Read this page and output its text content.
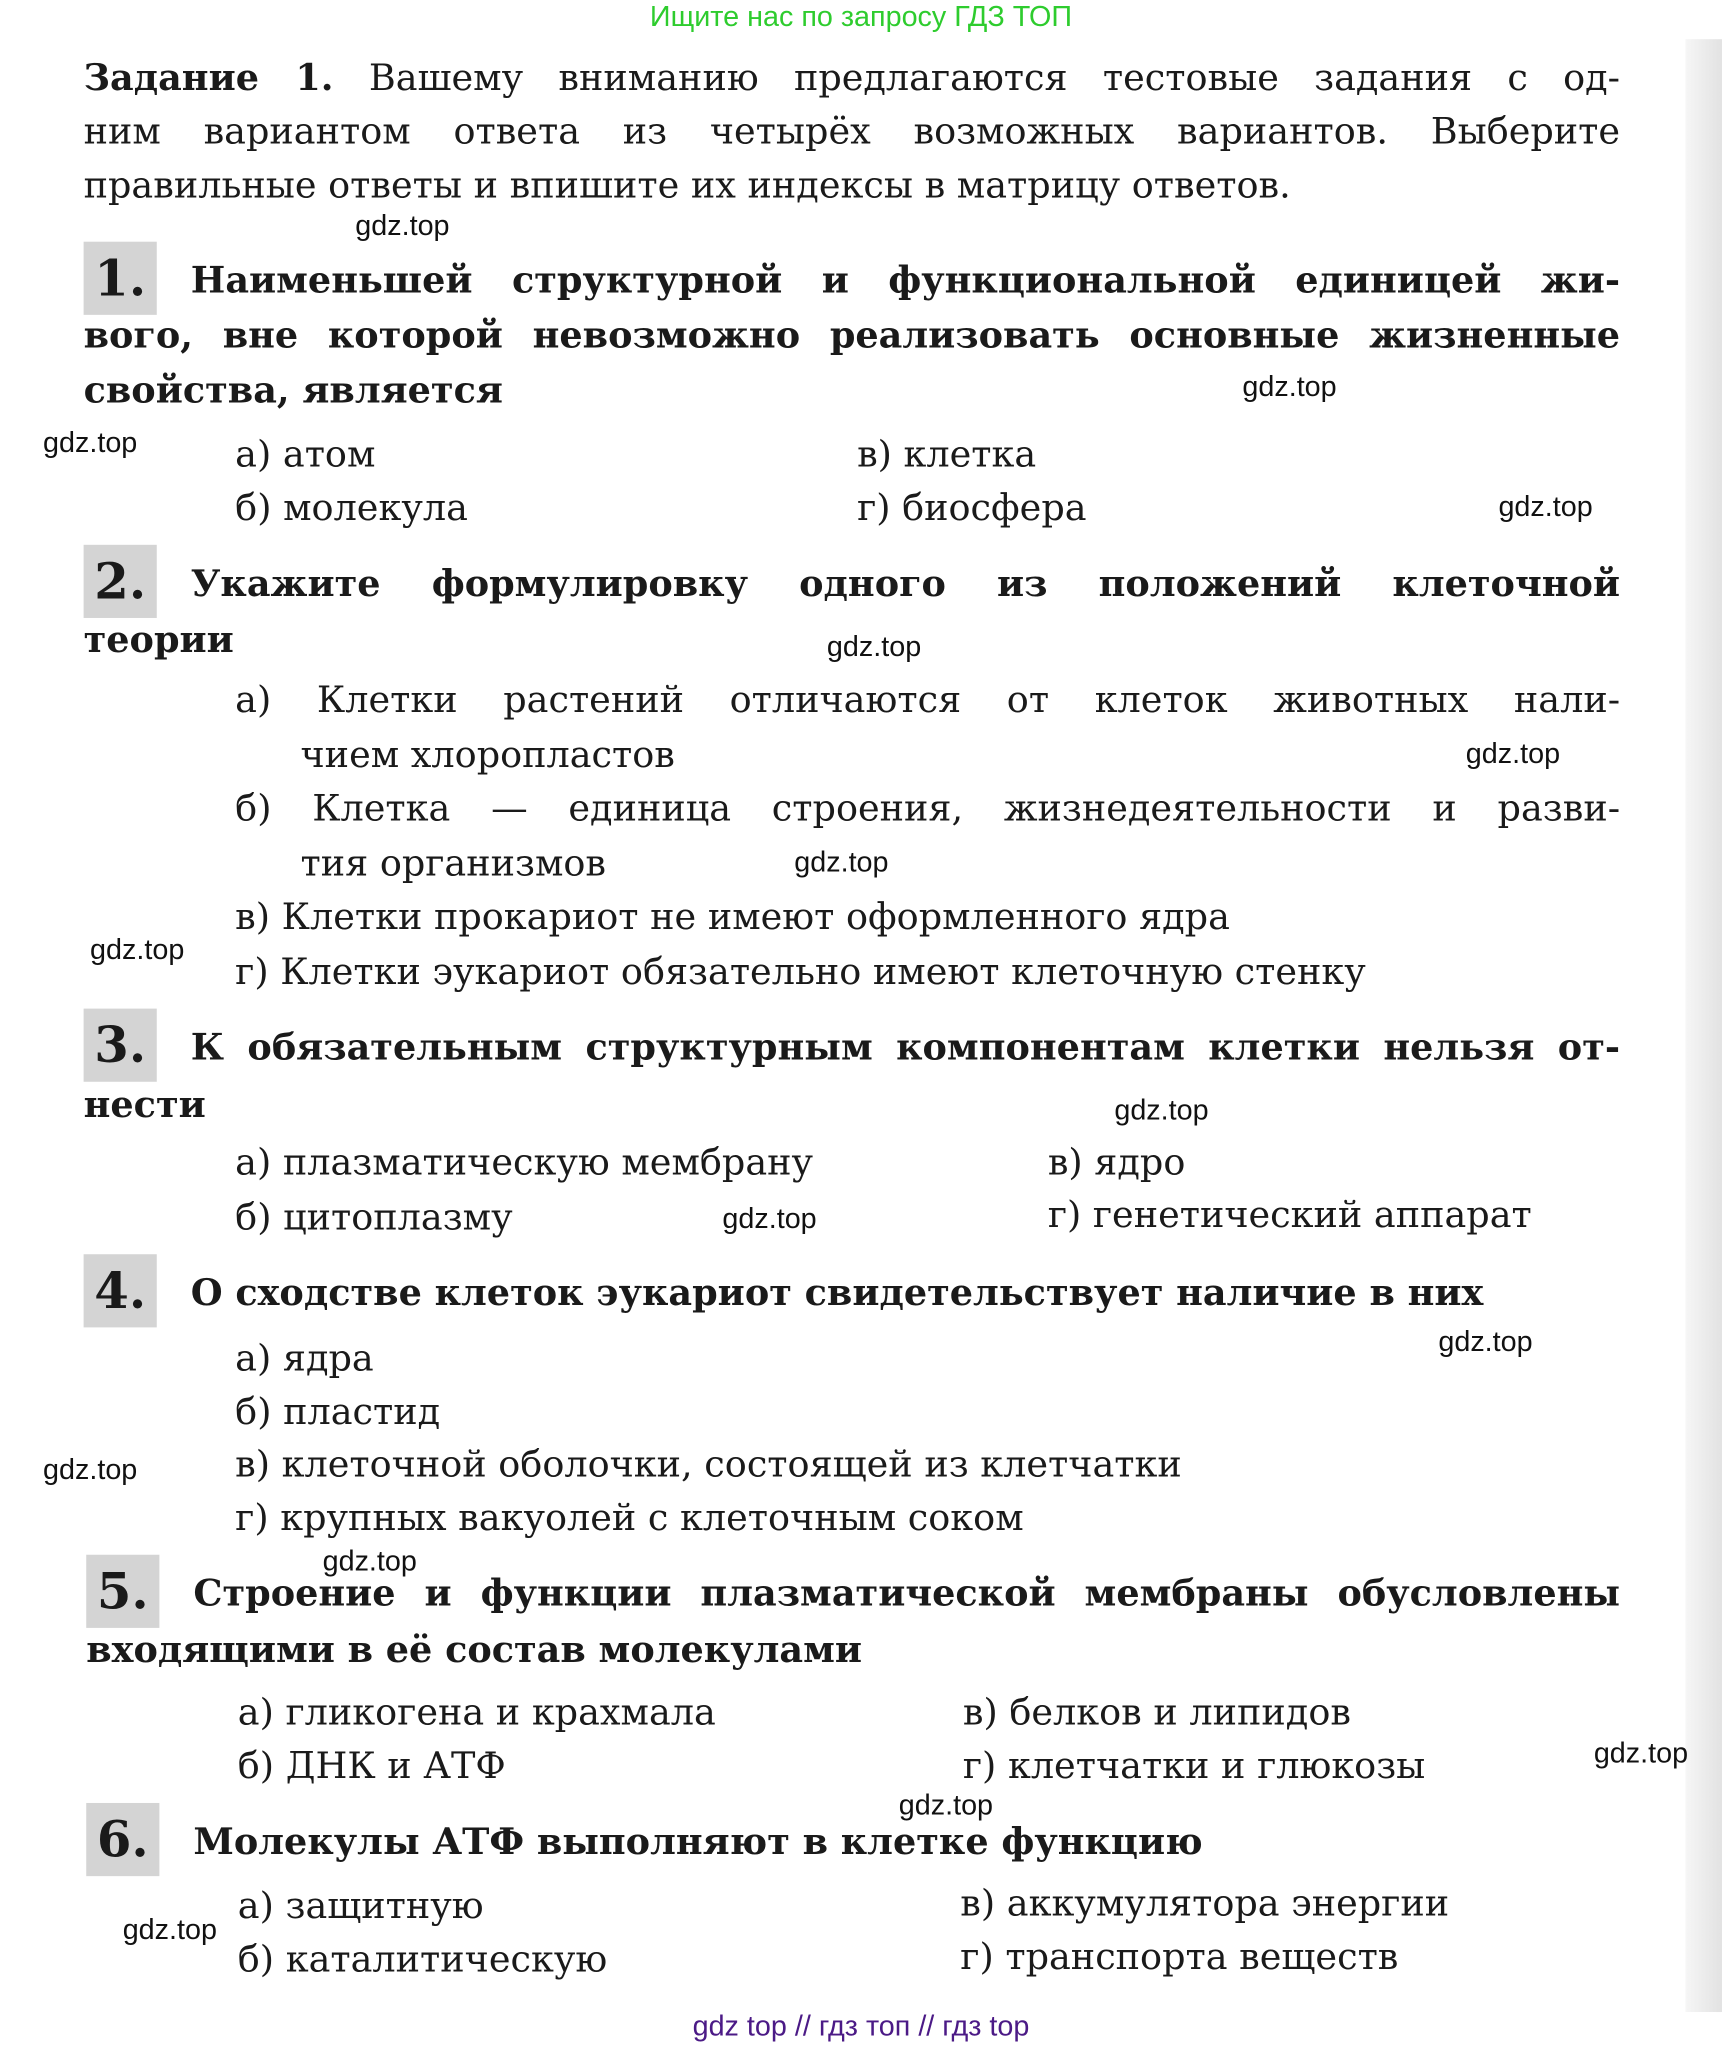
Ищите нас по запросу ГДЗ ТОП
Задание 1. Вашему вниманию предлагаются тестовые задания с од-
ним вариантом ответа из четырёх возможных вариантов. Выберите
правильные ответы и впишите их индексы в матрицу ответов.
1.	Наименьшей структурной и функциональной единицей жи-
вого, вне которой невозможно реализовать основные жизненные
свойства, является
а) атом
б) молекула
в) клетка
г) биосфера
2.	Укажите формулировку одного из положений клеточной
теории
а) Клетки растений отличаются от клеток животных нали-
чием хлоропластов
б) Клетка — единица строения, жизнедеятельности и разви-
тия организмов
в) Клетки прокариот не имеют оформленного ядра
г) Клетки эукариот обязательно имеют клеточную стенку
3.	К обязательным структурным компонентам клетки нельзя от-
нести
а) плазматическую мембрану
б) цитоплазму
в) ядро
г) генетический аппарат
4.	О сходстве клеток эукариот свидетельствует наличие в них
а) ядра
б) пластид
в) клеточной оболочки, состоящей из клетчатки
г) крупных вакуолей с клеточным соком
5.	Строение и функции плазматической мембраны обусловлены
входящими в её состав молекулами
а) гликогена и крахмала
б) ДНК и АТФ
в) белков и липидов
г) клетчатки и глюкозы
6.	Молекулы АТФ выполняют в клетке функцию
а) защитную
б) каталитическую
в) аккумулятора энергии
г) транспорта веществ
gdz.top
gdz.top
gdz.top
gdz.top
gdz.top
gdz.top
gdz.top
gdz.top
gdz.top
gdz.top
gdz.top
gdz.top
gdz.top
gdz.top
gdz.top
gdz.top
gdz top // гдз топ // гдз top
